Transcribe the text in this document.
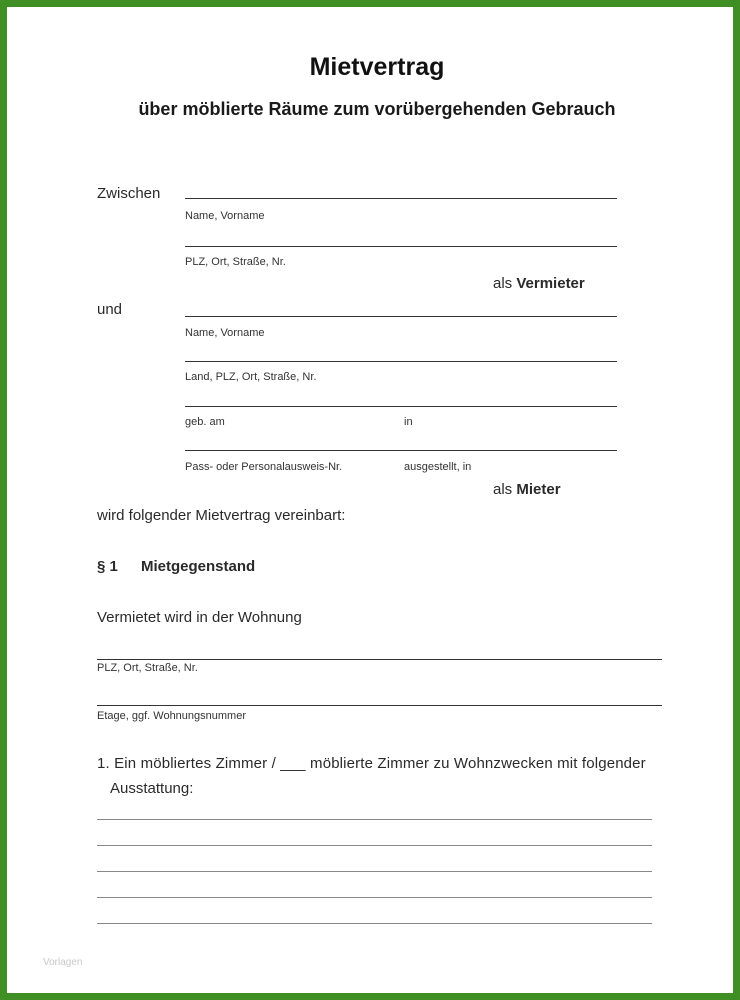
Mietvertrag
über möblierte Räume zum vorübergehenden Gebrauch
Zwischen
Name, Vorname
PLZ, Ort, Straße, Nr.
als Vermieter
und
Name, Vorname
Land, PLZ, Ort, Straße, Nr.
geb. am	in
Pass- oder Personalausweis-Nr.	ausgestellt, in
als Mieter
wird folgender Mietvertrag vereinbart:
§ 1 Mietgegenstand
Vermietet wird in der Wohnung
PLZ, Ort, Straße, Nr.
Etage, ggf. Wohnungsnummer
1. Ein möbliertes Zimmer / ___ möblierte Zimmer zu Wohnzwecken mit folgender
Ausstattung:
Vorlagen
